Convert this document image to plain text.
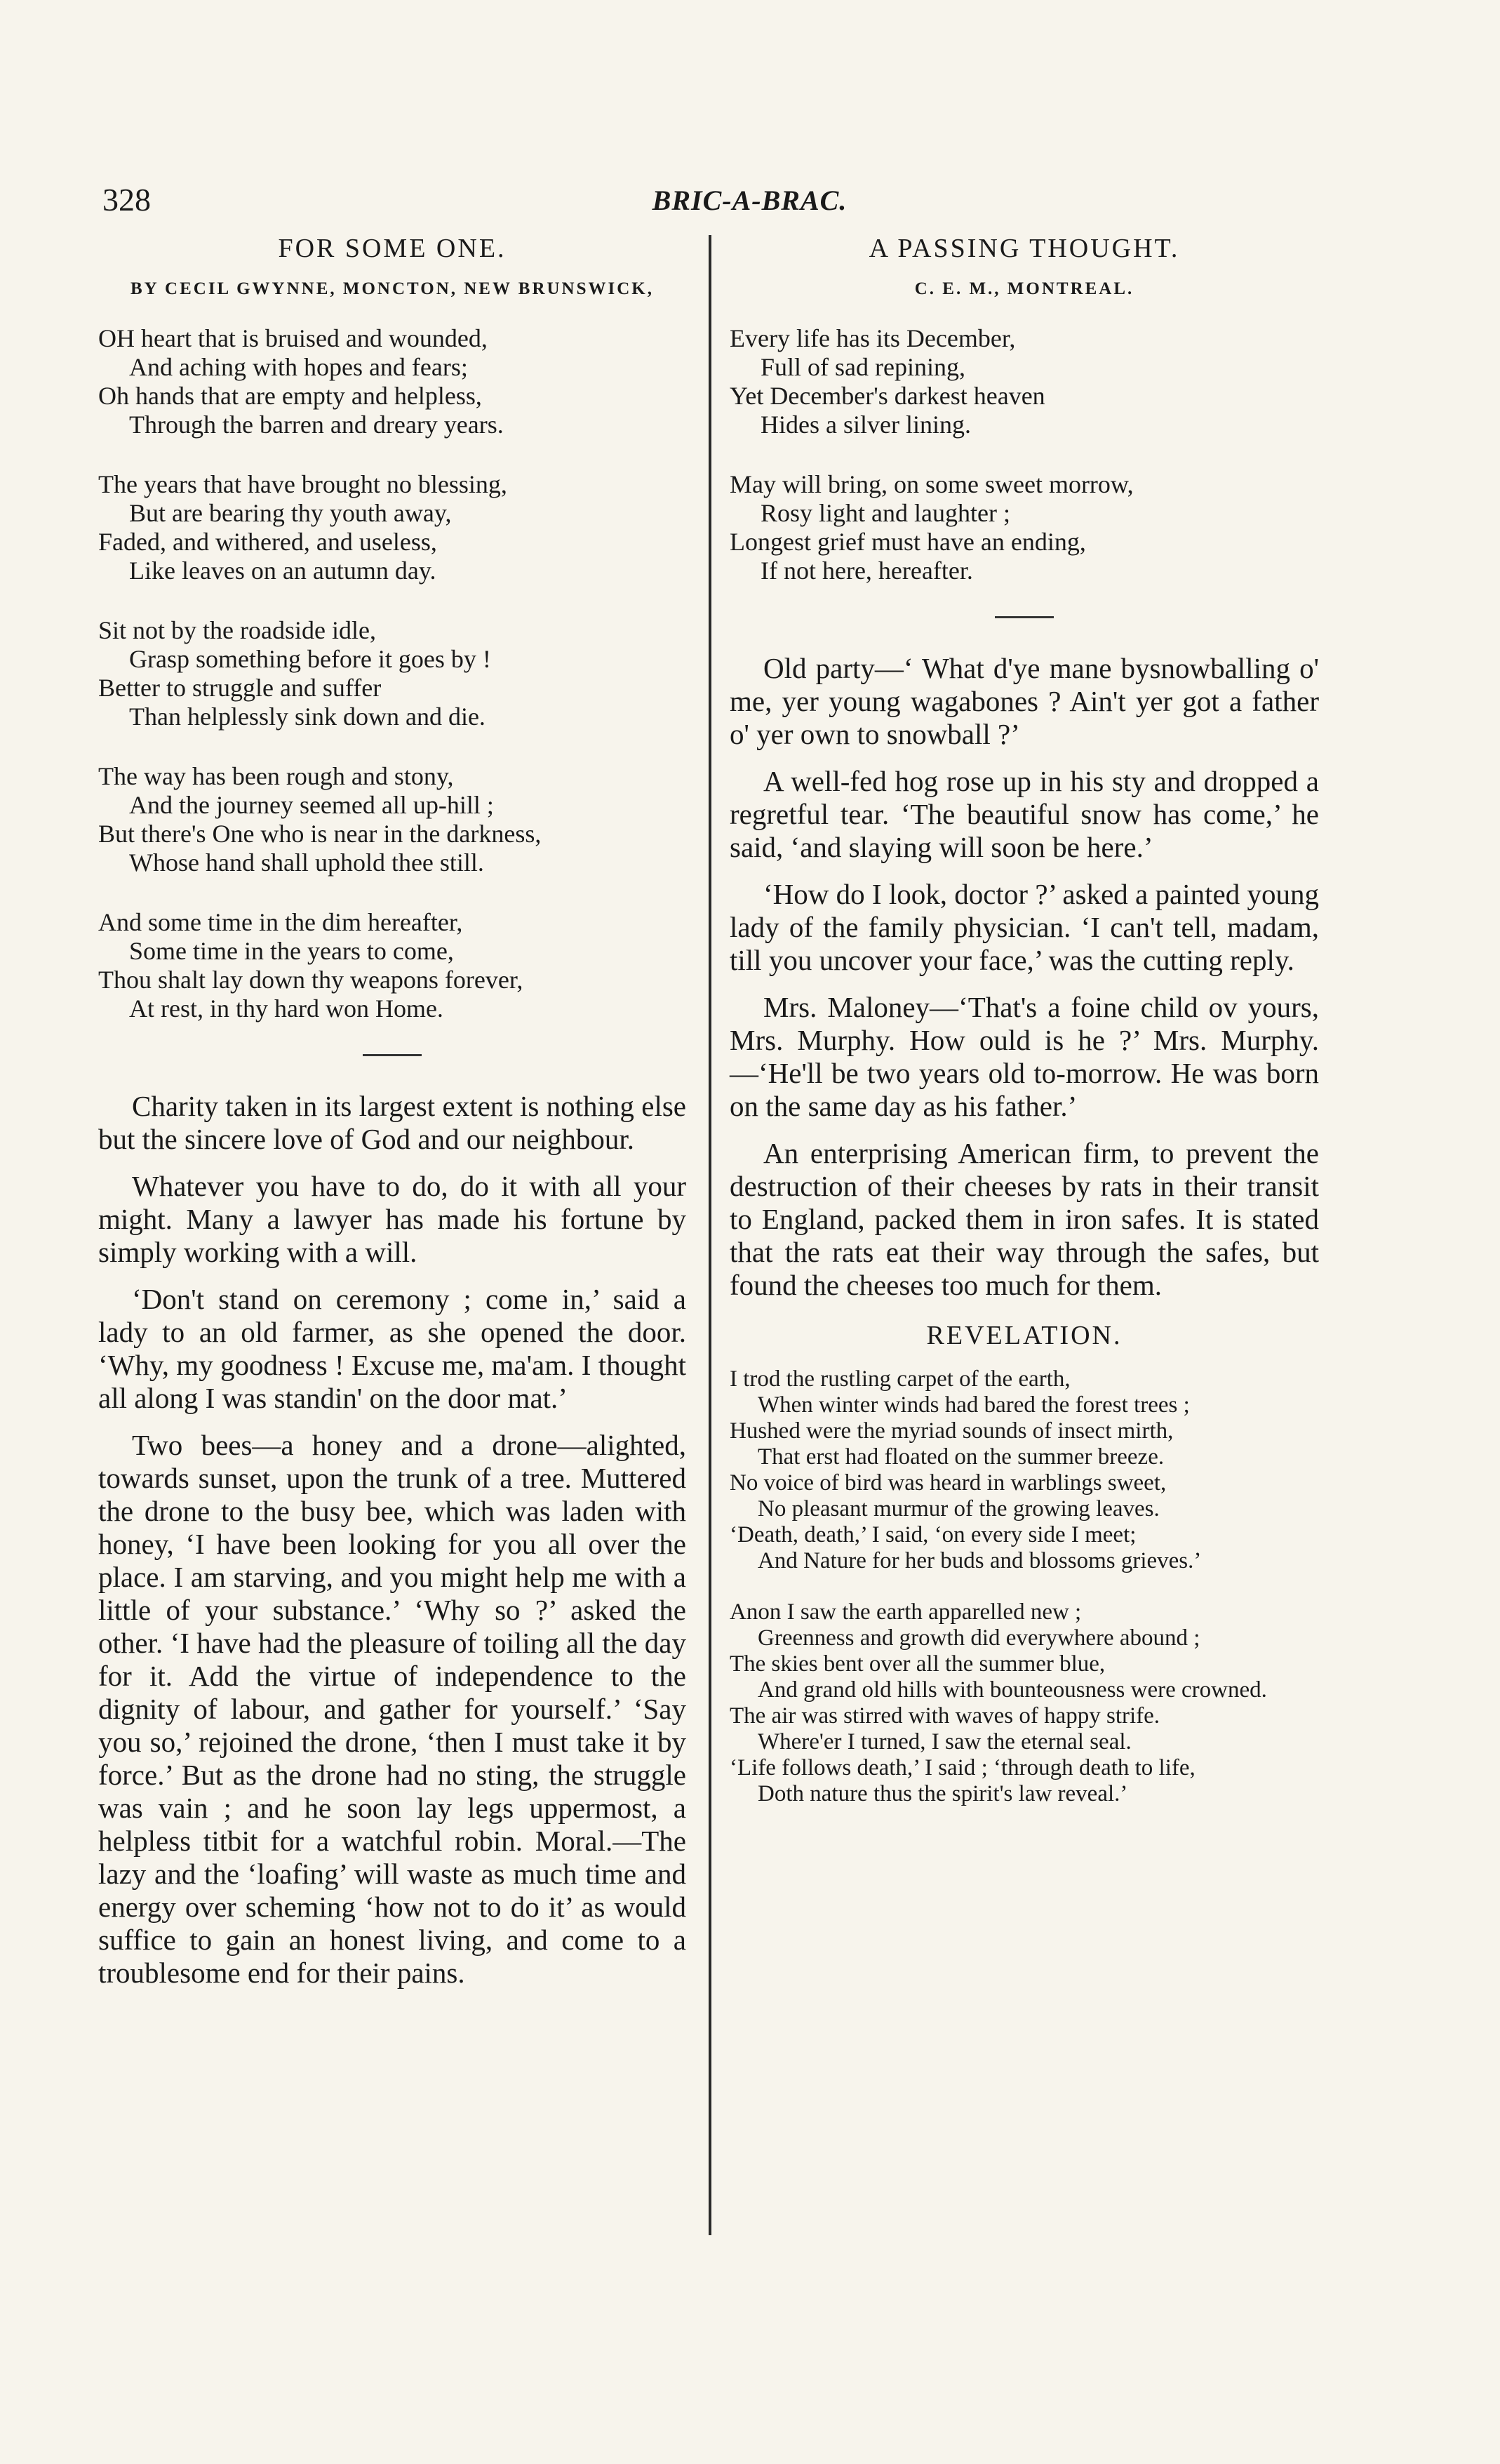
328	BRIC-A-BRAC.
FOR SOME ONE.
BY CECIL GWYNNE, MONCTON, NEW BRUNSWICK,
OH heart that is bruised and wounded,
And aching with hopes and fears;
Oh hands that are empty and helpless,
Through the barren and dreary years.
The years that have brought no blessing,
But are bearing thy youth away,
Faded, and withered, and useless,
Like leaves on an autumn day.
Sit not by the roadside idle,
Grasp something before it goes by !
Better to struggle and suffer
Than helplessly sink down and die.
The way has been rough and stony,
And the journey seemed all up-hill ;
But there's One who is near in the darkness,
Whose hand shall uphold thee still.
And some time in the dim hereafter,
Some time in the years to come,
Thou shalt lay down thy weapons forever,
At rest, in thy hard won Home.

Charity taken in its largest extent is nothing else but the sincere love of God and our neighbour.

Whatever you have to do, do it with all your might. Many a lawyer has made his fortune by simply working with a will.

‘Don't stand on ceremony ; come in,’ said a lady to an old farmer, as she opened the door. ‘Why, my goodness ! Excuse me, ma'am. I thought all along I was standin' on the door mat.’

Two bees—a honey and a drone—alighted, towards sunset, upon the trunk of a tree. Muttered the drone to the busy bee, which was laden with honey, ‘I have been looking for you all over the place. I am starving, and you might help me with a little of your substance.’ ‘Why so ?’ asked the other. ‘I have had the pleasure of toiling all the day for it. Add the virtue of independence to the dignity of labour, and gather for yourself.’ ‘Say you so,’ rejoined the drone, ‘then I must take it by force.’ But as the drone had no sting, the struggle was vain ; and he soon lay legs uppermost, a helpless titbit for a watchful robin. Moral.—The lazy and the ‘loafing’ will waste as much time and energy over scheming ‘how not to do it’ as would suffice to gain an honest living, and come to a troublesome end for their pains.

A PASSING THOUGHT.
C. E. M., MONTREAL.
Every life has its December,
Full of sad repining,
Yet December's darkest heaven
Hides a silver lining.
May will bring, on some sweet morrow,
Rosy light and laughter ;
Longest grief must have an ending,
If not here, hereafter.

Old party—‘ What d'ye mane bysnowballing o' me, yer young wagabones ? Ain't yer got a father o' yer own to snowball ?’

A well-fed hog rose up in his sty and dropped a regretful tear. ‘The beautiful snow has come,’ he said, ‘and slaying will soon be here.’

‘How do I look, doctor ?’ asked a painted young lady of the family physician. ‘I can't tell, madam, till you uncover your face,’ was the cutting reply.

Mrs. Maloney—‘That's a foine child ov yours, Mrs. Murphy. How ould is he ?’ Mrs. Murphy. —‘He'll be two years old to-morrow. He was born on the same day as his father.’

An enterprising American firm, to prevent the destruction of their cheeses by rats in their transit to England, packed them in iron safes. It is stated that the rats eat their way through the safes, but found the cheeses too much for them.

REVELATION.
I trod the rustling carpet of the earth,
When winter winds had bared the forest trees ;
Hushed were the myriad sounds of insect mirth,
That erst had floated on the summer breeze.
No voice of bird was heard in warblings sweet,
No pleasant murmur of the growing leaves.
‘Death, death,’ I said, ‘on every side I meet;
And Nature for her buds and blossoms grieves.’
Anon I saw the earth apparelled new ;
Greenness and growth did everywhere abound ;
The skies bent over all the summer blue,
And grand old hills with bounteousness were crowned.
The air was stirred with waves of happy strife.
Where'er I turned, I saw the eternal seal.
‘Life follows death,’ I said ; ‘through death to life,
Doth nature thus the spirit's law reveal.’
